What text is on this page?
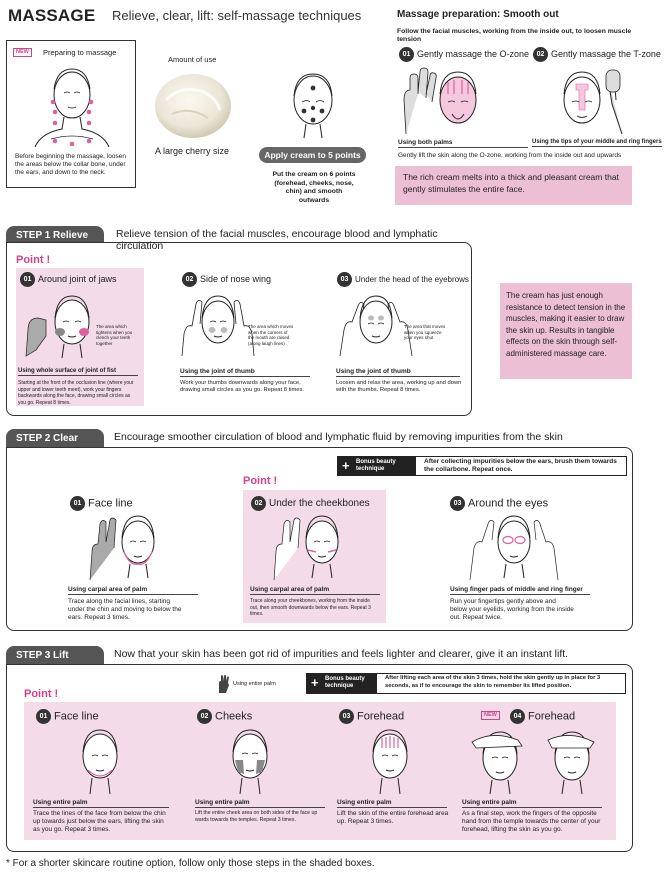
MASSAGE Relieve, clear, lift: self-massage techniques
NEW	Preparing to massage
Before beginning the massage, loosen the areas below the collar bone, under the ears, and down to the neck.
Amount of use
A large cherry size	Apply cream to 5 points
Put the cream on 6 points (forehead, cheeks, nose, chin) and smooth outwards
Massage preparation: Smooth out
Follow the facial muscles, working from the inside out, to loosen muscle tension
01 Gently massage the O-zone	02 Gently massage the T-zone
Using both palms	Using the tips of your middle and ring fingers
Gently lift the skin along the O-zone, working from the inside out and upwards
The rich cream melts into a thick and pleasant cream that gently stimulates the entire face.
STEP 1 Relieve	Relieve tension of the facial muscles, encourage blood and lymphatic circulation
Point !
01 Around joint of jaws	02 Side of nose wing	03 Under the head of the eyebrows
The area which tightens when you clench your teeth together
The area which moves when the corners of the mouth are raised (along laugh lines)
The area that moves when you squeeze your eyes shut
Using whole surface of joint of fist	Using the joint of thumb	Using the joint of thumb
Starting at the front of the occlusion line (where your upper and lower teeth meet), work your fingers backwards along the face, drawing small circles as you go. Repeat 8 times.
Work your thumbs downwards along your face, drawing small circles as you go. Repeat 8 times.
Loosen and relax the area, working up and down with the thumbs. Repeat 8 times.
The cream has just enough resistance to detect tension in the muscles, making it easier to draw the skin up. Results in tangible effects on the skin through self-administered massage care.
STEP 2 Clear	Encourage smoother circulation of blood and lymphatic fluid by removing impurities from the skin
+ Bonus beauty technique
After collecting impurities below the ears, brush them towards the collarbone. Repeat once.
Point !
01 Face line	02 Under the cheekbones	03 Around the eyes
Using carpal area of palm	Using carpal area of palm	Using finger pads of middle and ring finger
Trace along the facial lines, starting under the chin and moving to below the ears. Repeat 3 times.
Trace along your cheekbones, working from the inside out, then smooth downwards below the ears. Repeat 3 times.
Run your fingertips gently above and below your eyelids, working from the inside out. Repeat twice.
STEP 3 Lift	Now that your skin has been got rid of impurities and feels lighter and clearer, give it an instant lift.
Using entire palm	+ Bonus beauty technique
After lifting each area of the skin 3 times, hold the skin gently up in place for 3 seconds, as if to encourage the skin to remember its lifted position.
Point !
01 Face line	02 Cheeks	03 Forehead	NEW	04 Forehead
Using entire palm	Using entire palm	Using entire palm	Using entire palm
Trace the lines of the face from below the chin up towards just below the ears, lifting the skin as you go. Repeat 3 times.
Lift the entire cheek area on both sides of the face up wards towards the temples. Repeat 3 times.
Lift the skin of the entire forehead area up. Repeat 3 times.
As a final step, work the fingers of the opposite hand from the temple towards the center of your forehead, lifting the skin as you go.
* For a shorter skincare routine option, follow only those steps in the shaded boxes.
